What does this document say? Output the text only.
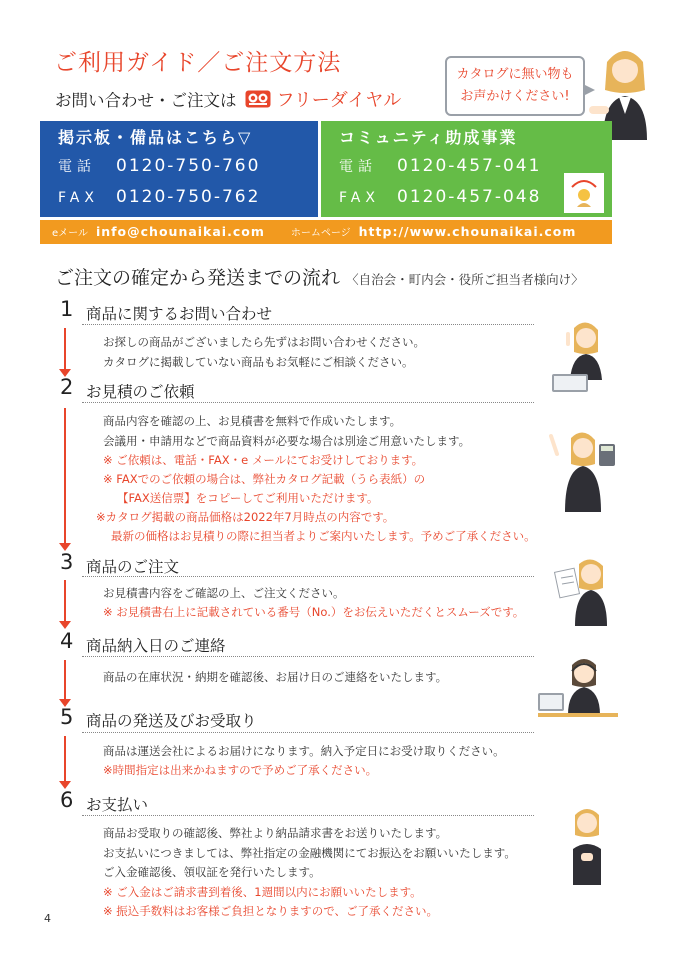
ご利用ガイド／ご注文方法
お問い合わせ・ご注文は フリーダイヤル
カタログに無い物も
お声かけください!
掲示板・備品はこちら▽
電話 0120-750-760
FAX 0120-750-762
コミュニティ助成事業
電話 0120-457-041
FAX 0120-457-048
eメール info@chounaikai.com	ホームページ http://www.chounaikai.com
ご注文の確定から発送までの流れ 〈自治会・町内会・役所ご担当者様向け〉
1 商品に関するお問い合わせ
お探しの商品がございましたら先ずはお問い合わせください。
カタログに掲載していない商品もお気軽にご相談ください。
2 お見積のご依頼
商品内容を確認の上、お見積書を無料で作成いたします。
会議用・申請用などで商品資料が必要な場合は別途ご用意いたします。
※ ご依頼は、電話・FAX・e メールにてお受けしております。
※ FAXでのご依頼の場合は、弊社カタログ記載（うら表紙）の
【FAX送信票】をコピーしてご利用いただけます。
※カタログ掲載の商品価格は2022年7月時点の内容です。
最新の価格はお見積りの際に担当者よりご案内いたします。予めご了承ください。
3 商品のご注文
お見積書内容をご確認の上、ご注文ください。
※ お見積書右上に記載されている番号（No.）をお伝えいただくとスムーズです。
4 商品納入日のご連絡
商品の在庫状況・納期を確認後、お届け日のご連絡をいたします。
5 商品の発送及びお受取り
商品は運送会社によるお届けになります。納入予定日にお受け取りください。
※時間指定は出来かねますので予めご了承ください。
6 お支払い
商品お受取りの確認後、弊社より納品請求書をお送りいたします。
お支払いにつきましては、弊社指定の金融機関にてお振込をお願いいたします。
ご入金確認後、領収証を発行いたします。
※ ご入金はご請求書到着後、1週間以内にお願いいたします。
※ 振込手数料はお客様ご負担となりますので、ご了承ください。
4
